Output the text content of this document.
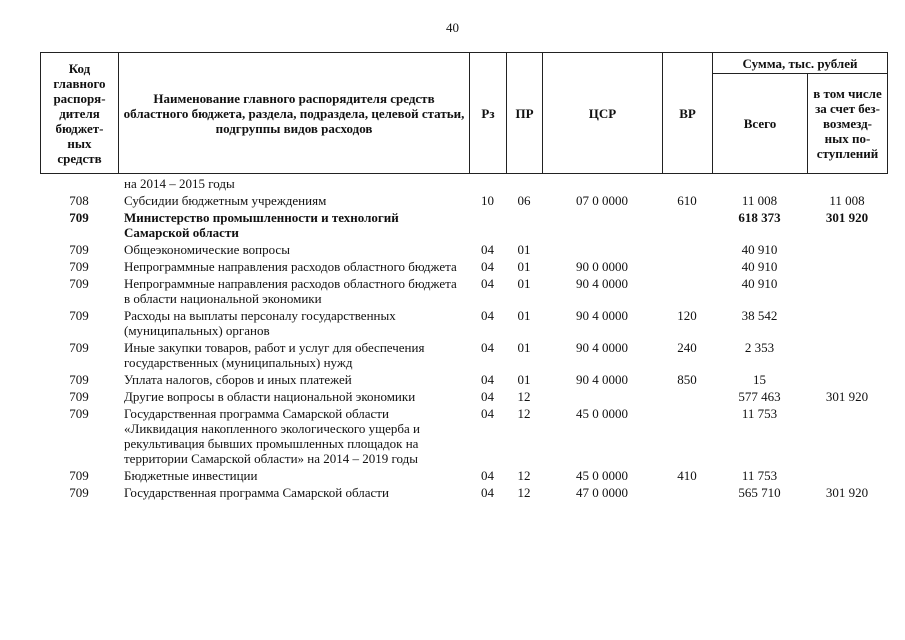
40
Код главного распоря-дителя бюджет-ных средств	Наименование главного распорядителя средств областного бюджета, раздела, подраздела, целевой статьи, подгруппы видов расходов	Рз	ПР	ЦСР	ВР	Сумма, тыс. рублей	
						Всего	в том числе за счет без-возмезд-ных по-ступлений
	на 2014 – 2015 годы						
708	Субсидии бюджетным учреждениям	10	06	07 0 0000	610	11 008	11 008
709	Министерство промышленности и технологий Самарской области					618 373	301 920
709	Общеэкономические вопросы	04	01			40 910	
709	Непрограммные направления расходов областного бюджета	04	01	90 0 0000		40 910	
709	Непрограммные направления расходов областного бюджета в области национальной экономики	04	01	90 4 0000		40 910	
709	Расходы на выплаты персоналу государственных (муниципальных) органов	04	01	90 4 0000	120	38 542	
709	Иные закупки товаров, работ и услуг для обеспечения государственных (муниципальных) нужд	04	01	90 4 0000	240	2 353	
709	Уплата налогов, сборов и иных платежей	04	01	90 4 0000	850	15	
709	Другие вопросы в области национальной экономики	04	12			577 463	301 920
709	Государственная программа Самарской области «Ликвидация накопленного экологического ущерба и рекультивация бывших промышленных площадок на территории Самарской области» на 2014 – 2019 годы	04	12	45 0 0000		11 753	
709	Бюджетные инвестиции	04	12	45 0 0000	410	11 753	
709	Государственная программа Самарской области	04	12	47 0 0000		565 710	301 920
